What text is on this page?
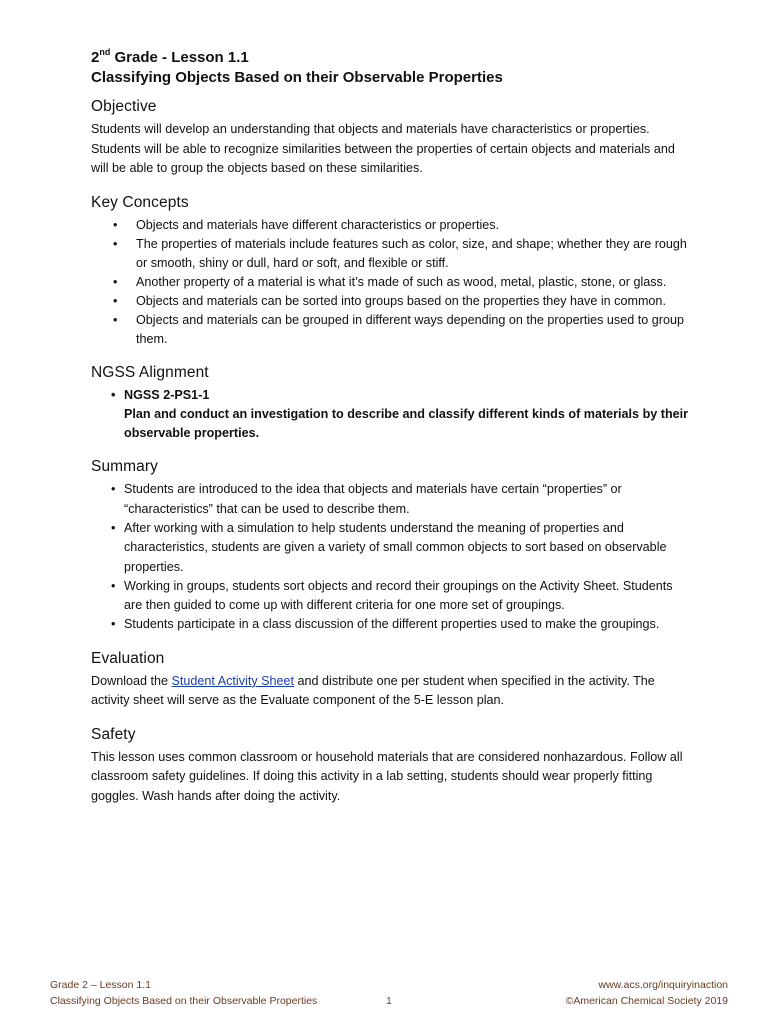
2nd Grade - Lesson 1.1
Classifying Objects Based on their Observable Properties
Objective

Students will develop an understanding that objects and materials have characteristics or properties. Students will be able to recognize similarities between the properties of certain objects and materials and will be able to group the objects based on these similarities.

Key Concepts
• Objects and materials have different characteristics or properties.
• The properties of materials include features such as color, size, and shape; whether they are rough or smooth, shiny or dull, hard or soft, and flexible or stiff.
• Another property of a material is what it’s made of such as wood, metal, plastic, stone, or glass.
• Objects and materials can be sorted into groups based on the properties they have in common.
• Objects and materials can be grouped in different ways depending on the properties used to group them.
NGSS Alignment
• NGSS 2-PS1-1
Plan and conduct an investigation to describe and classify different kinds of materials by their observable properties.
Summary
• Students are introduced to the idea that objects and materials have certain “properties” or “characteristics” that can be used to describe them.
• After working with a simulation to help students understand the meaning of properties and characteristics, students are given a variety of small common objects to sort based on observable properties.
• Working in groups, students sort objects and record their groupings on the Activity Sheet. Students are then guided to come up with different criteria for one more set of groupings.
• Students participate in a class discussion of the different properties used to make the groupings.
Evaluation

Download the Student Activity Sheet and distribute one per student when specified in the activity. The activity sheet will serve as the Evaluate component of the 5-E lesson plan.

Safety

This lesson uses common classroom or household materials that are considered nonhazardous. Follow all classroom safety guidelines. If doing this activity in a lab setting, students should wear properly fitting goggles. Wash hands after doing the activity.

Grade 2 – Lesson 1.1
Classifying Objects Based on their Observable Properties	1
www.acs.org/inquiryinaction
©American Chemical Society 2019
